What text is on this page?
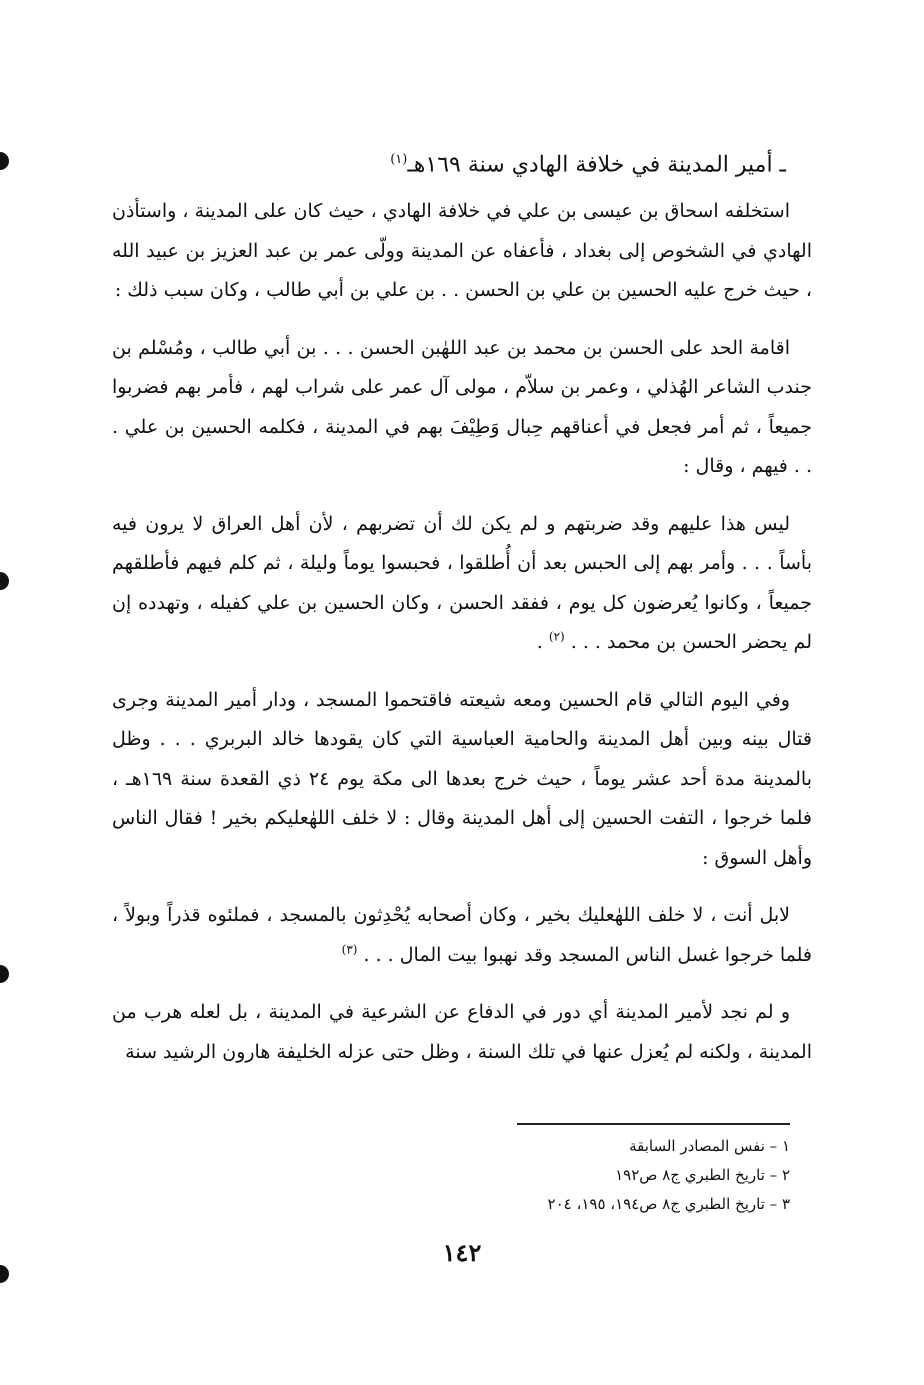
ـ أمير المدينة في خلافة الهادي سنة ١٦٩هـ$^{(١)}$

استخلفه اسحاق بن عيسى بن علي في خلافة الهادي ، حيث كان على المدينة ، واستأذن الهادي في الشخوص إلى بغداد ، فأعفاه عن المدينة وولّى عمر بن عبد العزيز بن عبيد الله ، حيث خرج عليه الحسين بن علي بن الحسن . . بن علي بن أبي طالب ، وكان سبب ذلك :

اقامة الحد على الحسن بن محمد بن عبد اللهٰبن الحسن . . . بن أبي طالب ، ومُسْلم بن جندب الشاعر الهُذلي ، وعمر بن سلاّم ، مولى آل عمر على شراب لهم ، فأمر بهم فضربوا جميعاً ، ثم أمر فجعل في أعناقهم حِبال وَطِيْفَ بهم في المدينة ، فكلمه الحسين بن علي . . . فيهم ، وقال :

ليس هذا عليهم وقد ضربتهم و لم يكن لك أن تضربهم ، لأن أهل العراق لا يرون فيه بأساً . . . وأمر بهم إلى الحبس بعد أن أُطلقوا ، فحبسوا يوماً وليلة ، ثم كلم فيهم فأطلقهم جميعاً ، وكانوا يُعرضون كل يوم ، ففقد الحسن ، وكان الحسين بن علي كفيله ، وتهدده إن لم يحضر الحسن بن محمد . . . $^{(٢)}$ .

وفي اليوم التالي قام الحسين ومعه شيعته فاقتحموا المسجد ، ودار أمير المدينة وجرى قتال بينه وبين أهل المدينة والحامية العباسية التي كان يقودها خالد البربري . . . وظل بالمدينة مدة أحد عشر يوماً ، حيث خرج بعدها الى مكة يوم ٢٤ ذي القعدة سنة ١٦٩هـ ، فلما خرجوا ، التفت الحسين إلى أهل المدينة وقال : لا خلف اللهٰعليكم بخير ! فقال الناس وأهل السوق :

لابل أنت ، لا خلف اللهٰعليك بخير ، وكان أصحابه يُحْدِثون بالمسجد ، فملئوه قذراً وبولاً ، فلما خرجوا غسل الناس المسجد وقد نهبوا بيت المال . . . $^{(٣)}$

و لم نجد لأمير المدينة أي دور في الدفاع عن الشرعية في المدينة ، بل لعله هرب من المدينة ، ولكنه لم يُعزل عنها في تلك السنة ، وظل حتى عزله الخليفة هارون الرشيد سنة

١ – نفس المصادر السابقة
٢ – تاريخ الطبري ج٨ ص١٩٢
٣ – تاريخ الطبري ج٨ ص١٩٤، ١٩٥، ٢٠٤
١٤٢
